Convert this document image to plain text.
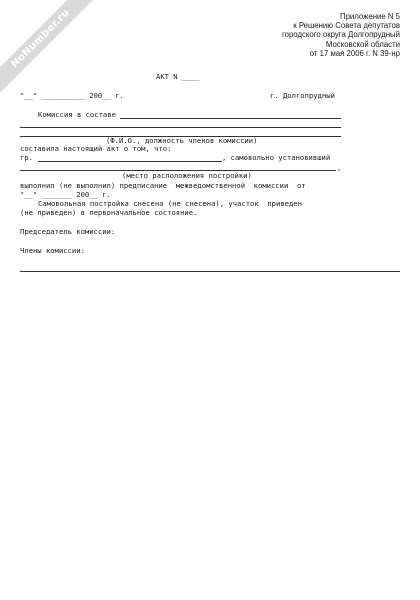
NoNumber.ru	Приложение N 5
к Решению Совета депутатов
городского округа Долгопрудный
Московской области
от 17 мая 2006 г. N 39-нр
АКТ N ____
"__" __________ 200__ г.	г. Долгопрудный
Комиссия в составе
(Ф.И.О., должность членов комиссии)
составила настоящий акт о том, что:
гр.	, самовольно установивший
,
(место расположения постройки)
выполнил (не выполнил) предписание  межведомственной  комиссии  от
"__" _______ 200__ г.
Самовольная постройка снесена (не снесена), участок  приведен
(не приведен) в первоначальное состояние.
Председатель комиссии:
Члены комиссии:
